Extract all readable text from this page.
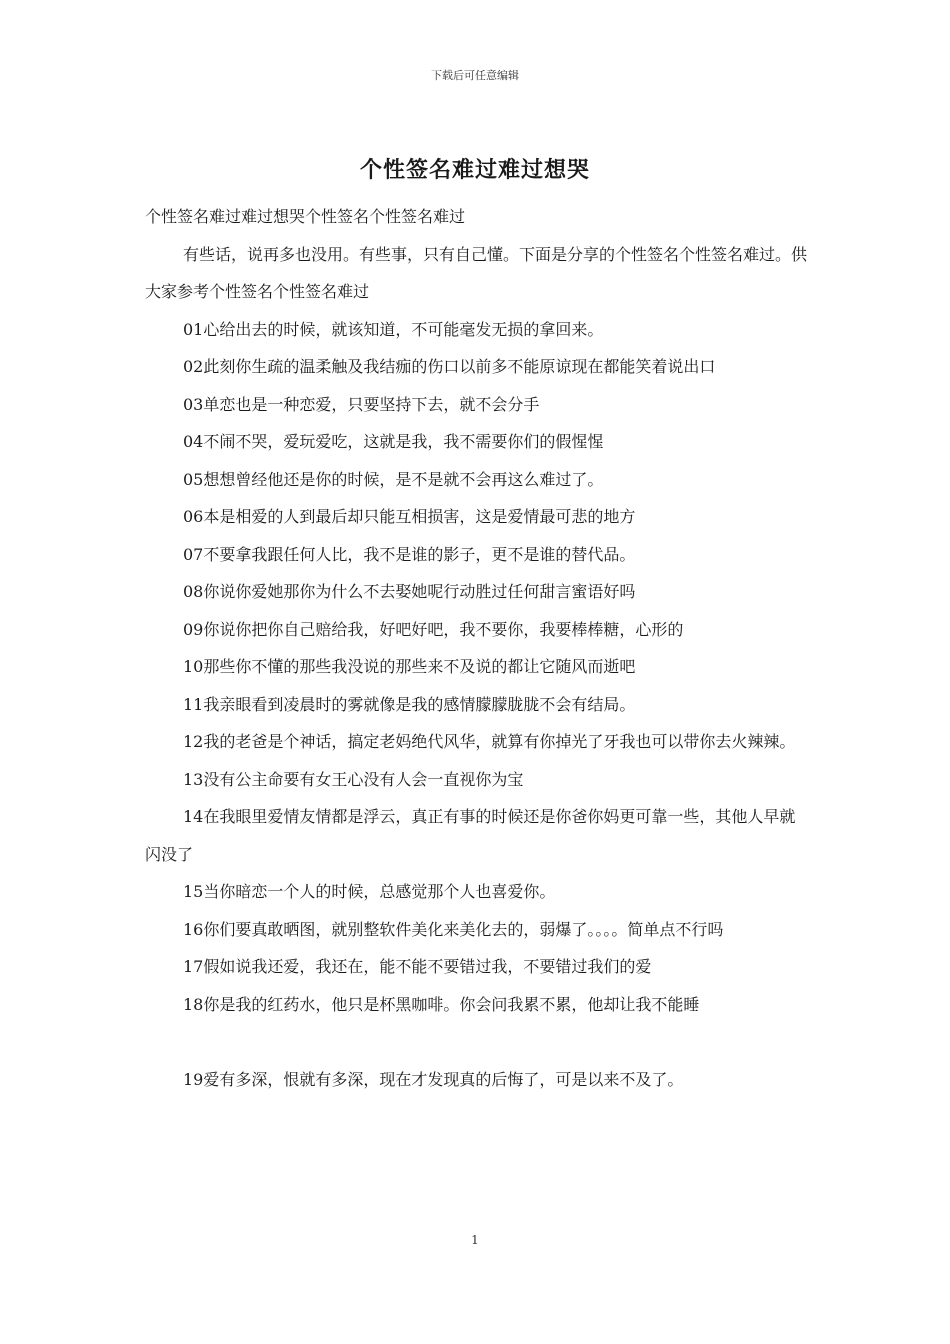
下载后可任意编辑
个性签名难过难过想哭

个性签名难过难过想哭个性签名个性签名难过

有些话，说再多也没用。有些事，只有自己懂。下面是分享的个性签名个性签名难过。供大家参考个性签名个性签名难过

01心给出去的时候，就该知道，不可能毫发无损的拿回来。

02此刻你生疏的温柔触及我结痂的伤口以前多不能原谅现在都能笑着说出口

03单恋也是一种恋爱，只要坚持下去，就不会分手

04不闹不哭，爱玩爱吃，这就是我，我不需要你们的假惺惺

05想想曾经他还是你的时候，是不是就不会再这么难过了。

06本是相爱的人到最后却只能互相损害，这是爱情最可悲的地方

07不要拿我跟任何人比，我不是谁的影子，更不是谁的替代品。

08你说你爱她那你为什么不去娶她呢行动胜过任何甜言蜜语好吗

09你说你把你自己赔给我，好吧好吧，我不要你，我要棒棒糖，心形的

10那些你不懂的那些我没说的那些来不及说的都让它随风而逝吧

11我亲眼看到凌晨时的雾就像是我的感情朦朦胧胧不会有结局。

12我的老爸是个神话，搞定老妈绝代风华，就算有你掉光了牙我也可以带你去火辣辣。

13没有公主命要有女王心没有人会一直视你为宝

14在我眼里爱情友情都是浮云，真正有事的时候还是你爸你妈更可靠一些，其他人早就闪没了

15当你暗恋一个人的时候，总感觉那个人也喜爱你。

16你们要真敢晒图，就别整软件美化来美化去的，弱爆了。。。。简单点不行吗

17假如说我还爱，我还在，能不能不要错过我，不要错过我们的爱

18你是我的红药水，他只是杯黑咖啡。你会问我累不累，他却让我不能睡

19爱有多深，恨就有多深，现在才发现真的后悔了，可是以来不及了。

1
